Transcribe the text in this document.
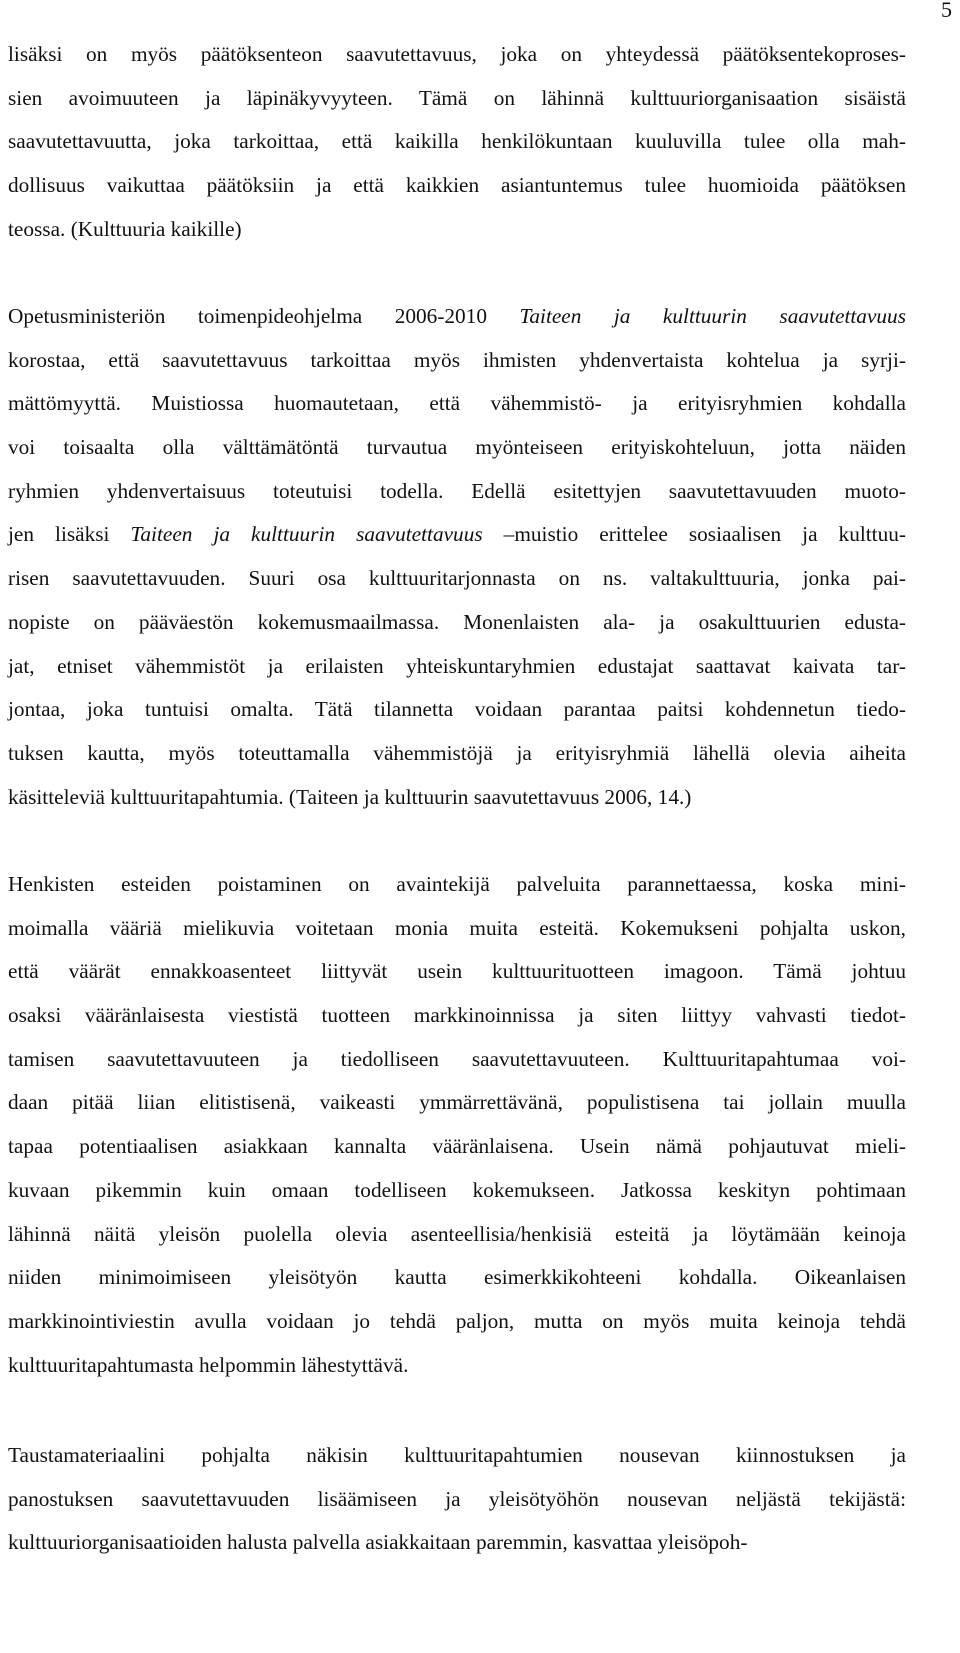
5
lisäksi on myös päätöksenteon saavutettavuus, joka on yhteydessä päätöksentekoproses-
sien avoimuuteen ja läpinäkyvyyteen. Tämä on lähinnä kulttuuriorganisaation sisäistä
saavutettavuutta, joka tarkoittaa, että kaikilla henkilökuntaan kuuluvilla tulee olla mah-
dollisuus vaikuttaa päätöksiin ja että kaikkien asiantuntemus tulee huomioida päätöksen
teossa. (Kulttuuria kaikille)
Opetusministeriön toimenpideohjelma 2006-2010 Taiteen ja kulttuurin saavutettavuus
korostaa, että saavutettavuus tarkoittaa myös ihmisten yhdenvertaista kohtelua ja syrji-
mättömyyttä. Muistiossa huomautetaan, että vähemmistö- ja erityisryhmien kohdalla
voi toisaalta olla välttämätöntä turvautua myönteiseen erityiskohteluun, jotta näiden
ryhmien yhdenvertaisuus toteutuisi todella. Edellä esitettyjen saavutettavuuden muoto-
jen lisäksi Taiteen ja kulttuurin saavutettavuus –muistio erittelee sosiaalisen ja kulttuu-
risen saavutettavuuden. Suuri osa kulttuuritarjonnasta on ns. valtakulttuuria, jonka pai-
nopiste on pääväestön kokemusmaailmassa. Monenlaisten ala- ja osakulttuurien edusta-
jat, etniset vähemmistöt ja erilaisten yhteiskuntaryhmien edustajat saattavat kaivata tar-
jontaa, joka tuntuisi omalta. Tätä tilannetta voidaan parantaa paitsi kohdennetun tiedo-
tuksen kautta, myös toteuttamalla vähemmistöjä ja erityisryhmiä lähellä olevia aiheita
käsitteleviä kulttuuritapahtumia. (Taiteen ja kulttuurin saavutettavuus 2006, 14.)
Henkisten esteiden poistaminen on avaintekijä palveluita parannettaessa, koska mini-
moimalla vääriä mielikuvia voitetaan monia muita esteitä. Kokemukseni pohjalta uskon,
että väärät ennakkoasenteet liittyvät usein kulttuurituotteen imagoon. Tämä johtuu
osaksi vääränlaisesta viestistä tuotteen markkinoinnissa ja siten liittyy vahvasti tiedot-
tamisen saavutettavuuteen ja tiedolliseen saavutettavuuteen. Kulttuuritapahtumaa voi-
daan pitää liian elitistisenä, vaikeasti ymmärrettävänä, populistisena tai jollain muulla
tapaa potentiaalisen asiakkaan kannalta vääränlaisena. Usein nämä pohjautuvat mieli-
kuvaan pikemmin kuin omaan todelliseen kokemukseen. Jatkossa keskityn pohtimaan
lähinnä näitä yleisön puolella olevia asenteellisia/henkisiä esteitä ja löytämään keinoja
niiden minimoimiseen yleisötyön kautta esimerkkikohteeni kohdalla. Oikeanlaisen
markkinointiviestin avulla voidaan jo tehdä paljon, mutta on myös muita keinoja tehdä
kulttuuritapahtumasta helpommin lähestyttävä.
Taustamateriaalini pohjalta näkisin kulttuuritapahtumien nousevan kiinnostuksen ja
panostuksen saavutettavuuden lisäämiseen ja yleisötyöhön nousevan neljästä tekijästä:
kulttuuriorganisaatioiden halusta palvella asiakkaitaan paremmin, kasvattaa yleisöpoh-
